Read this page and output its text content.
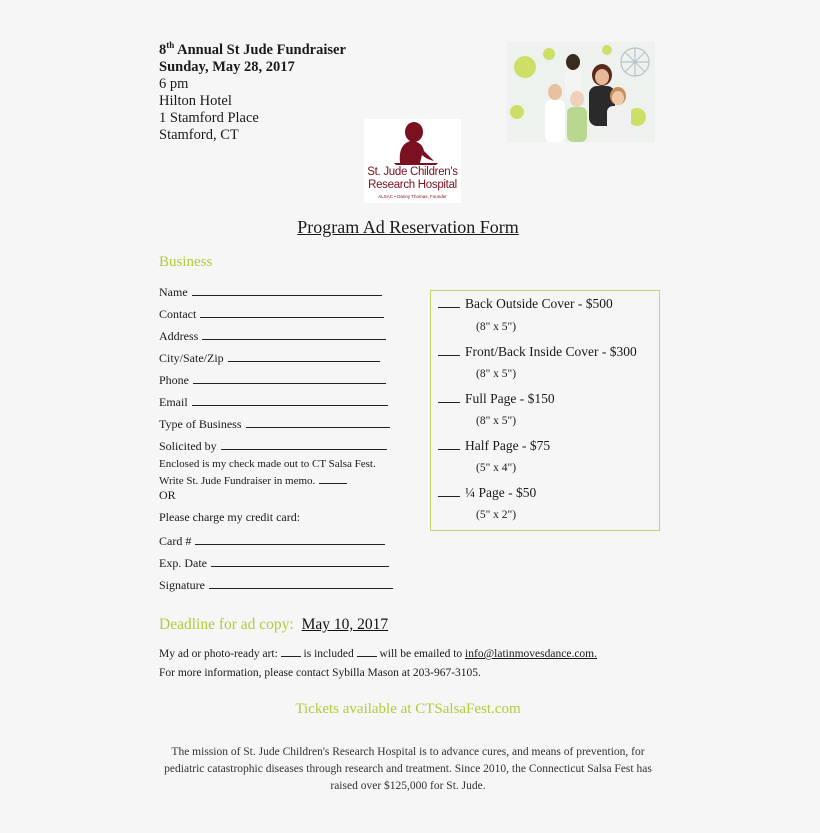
8th Annual St Jude Fundraiser
Sunday, May 28, 2017
6 pm
Hilton Hotel
1 Stamford Place
Stamford, CT
St. Jude Children's
Research Hospital
ALSAC • Danny Thomas, Founder
Program Ad Reservation Form
Business
Name
Contact
Address
City/Sate/Zip
Phone
Email
Type of Business
Solicited by
Enclosed is my check made out to CT Salsa Fest.
Write St. Jude Fundraiser in memo.
OR
Please charge my credit card:
Card #
Exp. Date
Signature
Back Outside Cover - $500
(8" x 5")
Front/Back Inside Cover - $300
(8" x 5")
Full Page - $150
(8" x 5")
Half Page - $75
(5" x 4")
¼ Page - $50
(5" x 2")
Deadline for ad copy: May 10, 2017
My ad or photo-ready art: is included will be emailed to info@latinmovesdance.com.
For more information, please contact Sybilla Mason at 203-967-3105.
Tickets available at CTSalsaFest.com
The mission of St. Jude Children's Research Hospital is to advance cures, and means of prevention, for pediatric catastrophic diseases through research and treatment. Since 2010, the Connecticut Salsa Fest has raised over $125,000 for St. Jude.
